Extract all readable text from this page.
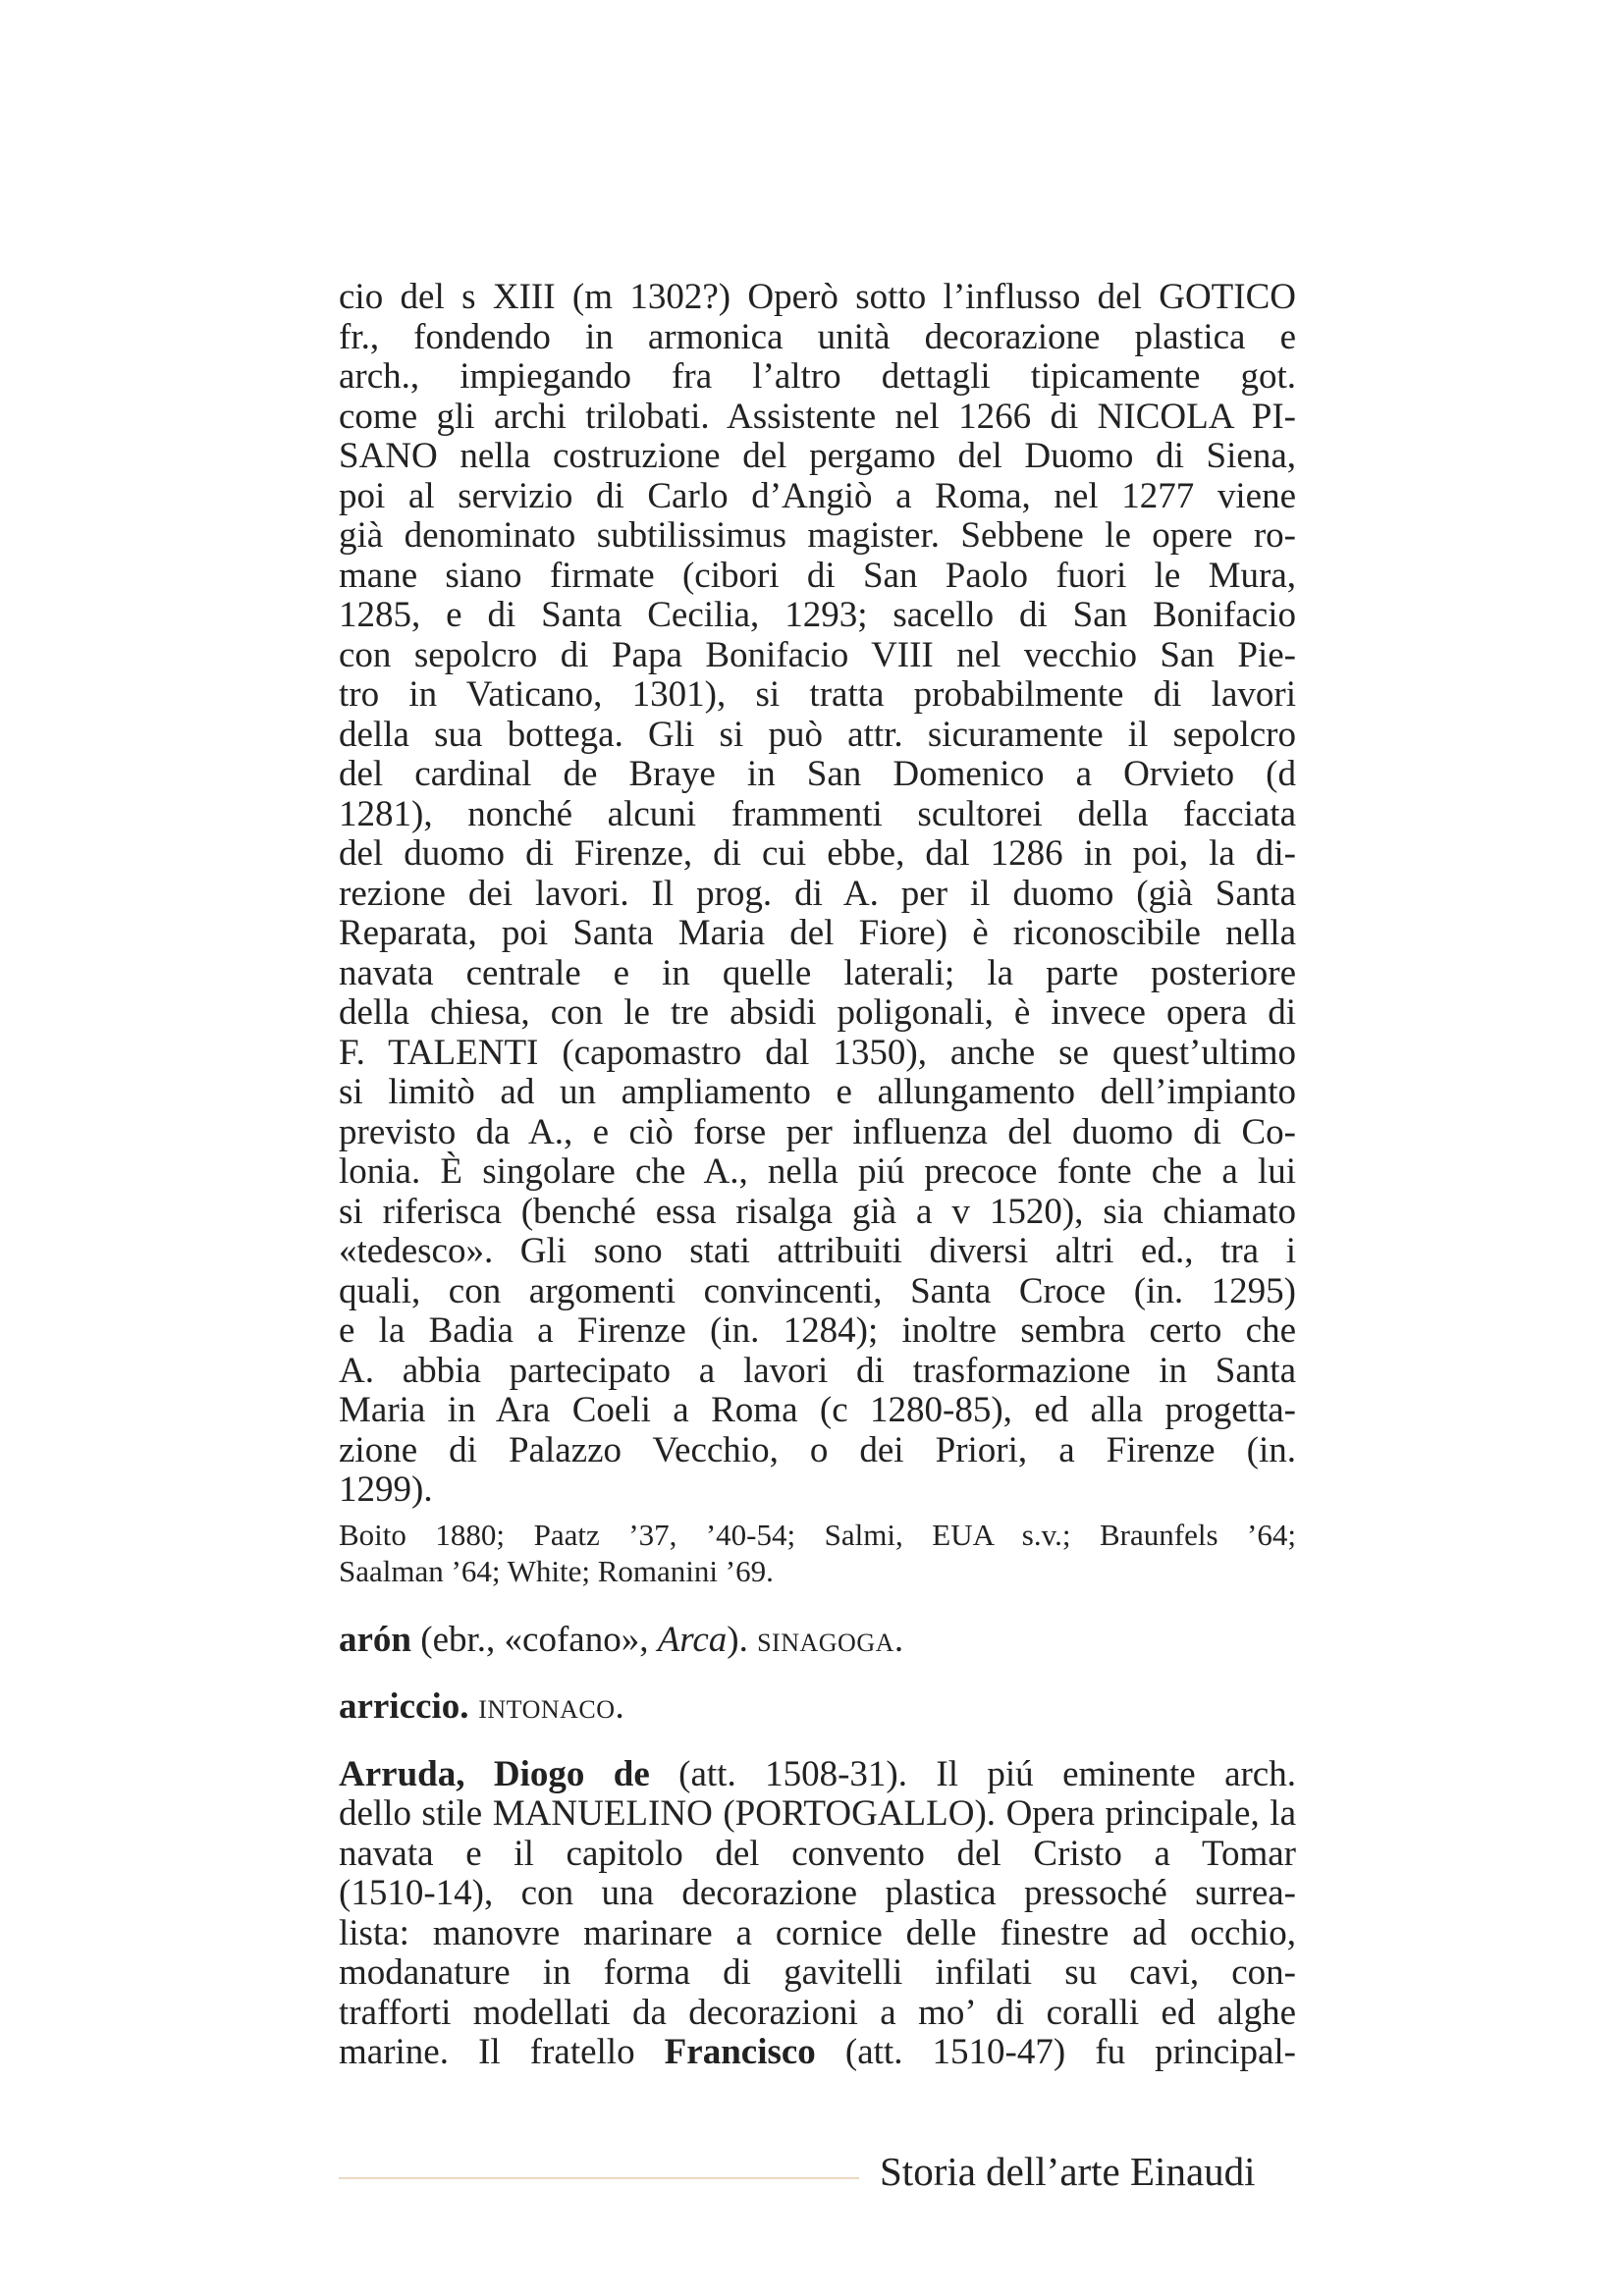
cio del s XIII (m 1302?) Operò sotto l’influsso del GOTICO
fr., fondendo in armonica unità decorazione plastica e
arch., impiegando fra l’altro dettagli tipicamente got.
come gli archi trilobati. Assistente nel 1266 di NICOLA PI-
SANO nella costruzione del pergamo del Duomo di Siena,
poi al servizio di Carlo d’Angiò a Roma, nel 1277 viene
già denominato subtilissimus magister. Sebbene le opere ro-
mane siano firmate (cibori di San Paolo fuori le Mura,
1285, e di Santa Cecilia, 1293; sacello di San Bonifacio
con sepolcro di Papa Bonifacio VIII nel vecchio San Pie-
tro in Vaticano, 1301), si tratta probabilmente di lavori
della sua bottega. Gli si può attr. sicuramente il sepolcro
del cardinal de Braye in San Domenico a Orvieto (d
1281), nonché alcuni frammenti scultorei della facciata
del duomo di Firenze, di cui ebbe, dal 1286 in poi, la di-
rezione dei lavori. Il prog. di A. per il duomo (già Santa
Reparata, poi Santa Maria del Fiore) è riconoscibile nella
navata centrale e in quelle laterali; la parte posteriore
della chiesa, con le tre absidi poligonali, è invece opera di
F. TALENTI (capomastro dal 1350), anche se quest’ultimo
si limitò ad un ampliamento e allungamento dell’impianto
previsto da A., e ciò forse per influenza del duomo di Co-
lonia. È singolare che A., nella piú precoce fonte che a lui
si riferisca (benché essa risalga già a v 1520), sia chiamato
«tedesco». Gli sono stati attribuiti diversi altri ed., tra i
quali, con argomenti convincenti, Santa Croce (in. 1295)
e la Badia a Firenze (in. 1284); inoltre sembra certo che
A. abbia partecipato a lavori di trasformazione in Santa
Maria in Ara Coeli a Roma (c 1280-85), ed alla progetta-
zione di Palazzo Vecchio, o dei Priori, a Firenze (in.
1299).
Boito 1880; Paatz ’37, ’40-54; Salmi, EUA s.v.; Braunfels ’64;
Saalman ’64; White; Romanini ’69.
arón (ebr., «cofano», Arca). sinagoga.
arriccio. intonaco.
Arruda, Diogo de (att. 1508-31). Il piú eminente arch.
dello stile MANUELINO (PORTOGALLO). Opera principale, la
navata e il capitolo del convento del Cristo a Tomar
(1510-14), con una decorazione plastica pressoché surrea-
lista: manovre marinare a cornice delle finestre ad occhio,
modanature in forma di gavitelli infilati su cavi, con-
trafforti modellati da decorazioni a mo’ di coralli ed alghe
marine. Il fratello Francisco (att. 1510-47) fu principal-
Storia dell’arte Einaudi
